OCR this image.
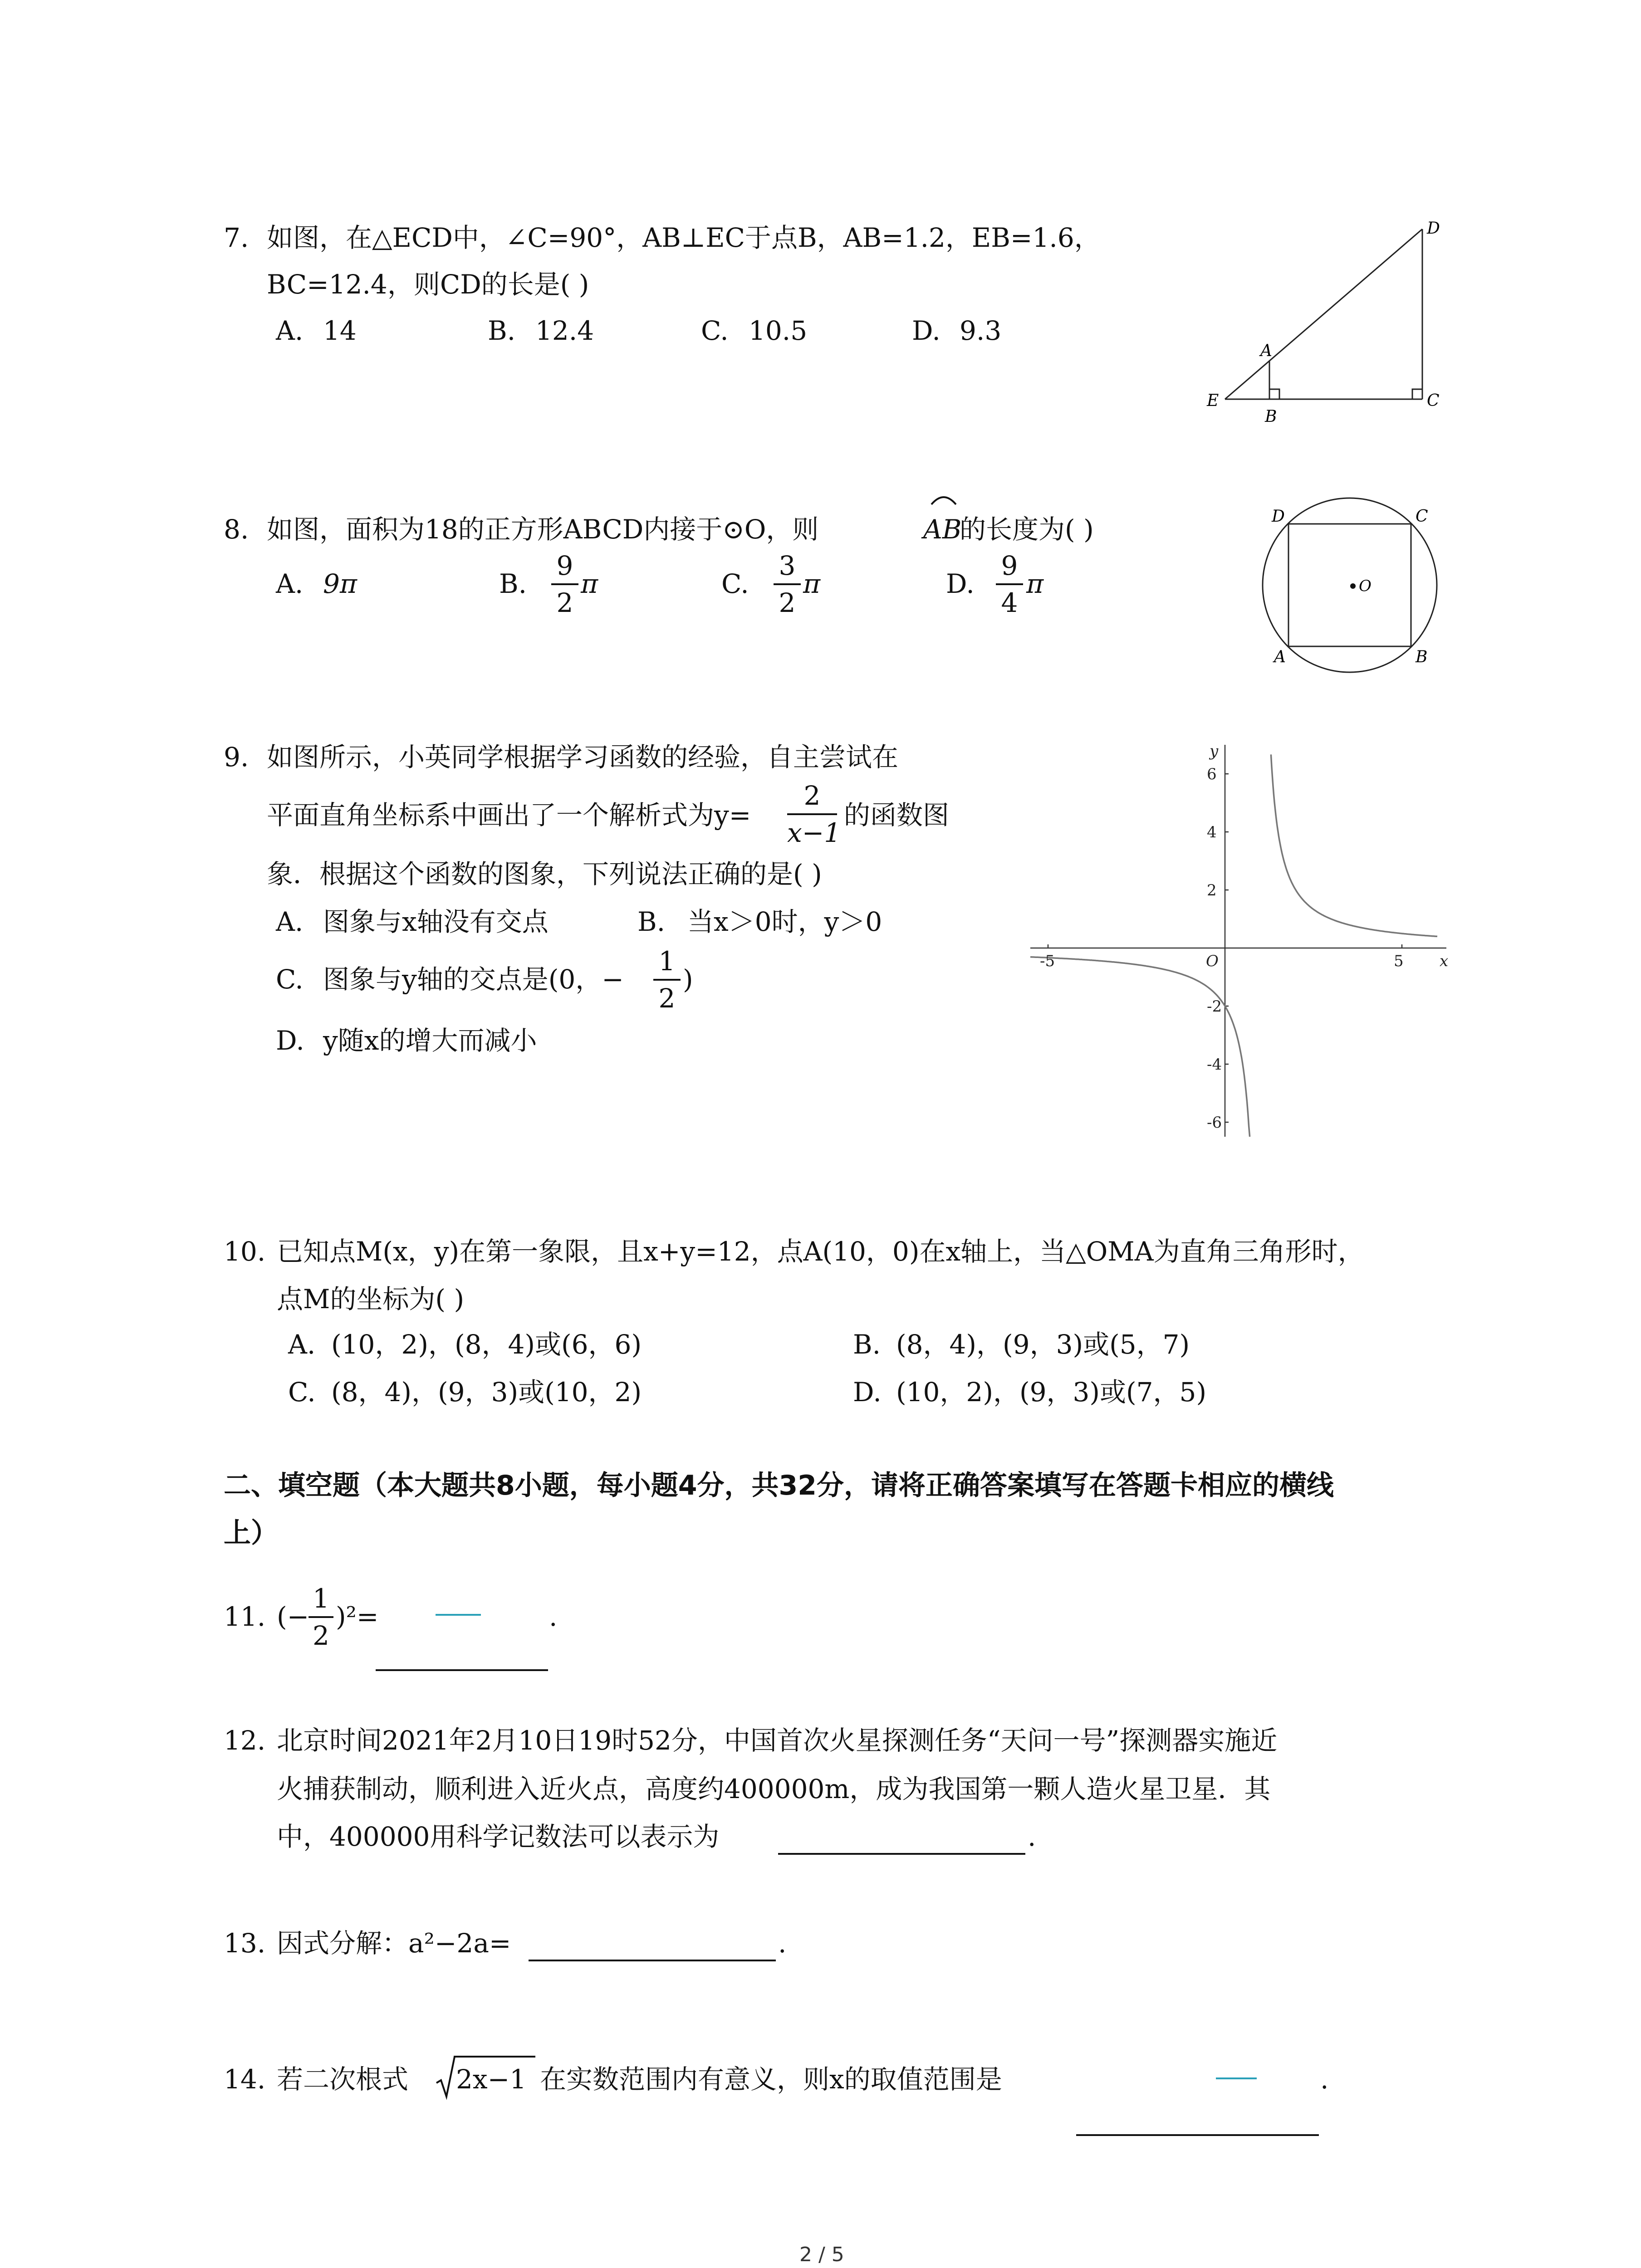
7. 如图，在△ECD中，∠C=90°，AB⊥EC于点B，AB=1.2，EB=1.6，
BC=12.4，则CD的长是( )
A. 14	B. 12.4	C. 10.5	D. 9.3
D
A
E
B
C
8. 如图，面积为18的正方形ABCD内接于⊙O，则	AB
的长度为( )
A. 9π	B.
9
2
π	C.
3
2
π	D.
9
4
π
D	C
O
A	B
9. 如图所示，小英同学根据学习函数的经验，自主尝试在
平面直角坐标系中画出了一个解析式为y=
2
x−1
的函数图
象．根据这个函数的图象，下列说法正确的是( )
A. 图象与x轴没有交点	B. 当x＞0时，y＞0
C. 图象与y轴的交点是(0，−
1
2
)
D. y随x的增大而减小
-5	5
6
4
2
-2
-4
-6
x
y
O
10. 已知点M(x，y)在第一象限，且x+y=12，点A(10，0)在x轴上，当△OMA为直角三角形时，
点M的坐标为( )
A. (10，2)，(8，4)或(6，6)	B. (8，4)，(9，3)或(5，7)
C. (8，4)，(9，3)或(10，2)	D. (10，2)，(9，3)或(7，5)
二、填空题（本大题共8小题，每小题4分，共32分，请将正确答案填写在答题卡相应的横线
上）
11. (−
1
2
)²=	.
12. 北京时间2021年2月10日19时52分，中国首次火星探测任务“天问一号”探测器实施近
火捕获制动，顺利进入近火点，高度约400000m，成为我国第一颗人造火星卫星．其
中，400000用科学记数法可以表示为	.
13. 因式分解：a²−2a=	.
14. 若二次根式 2x−1 在实数范围内有意义，则x的取值范围是	.
2 / 5
